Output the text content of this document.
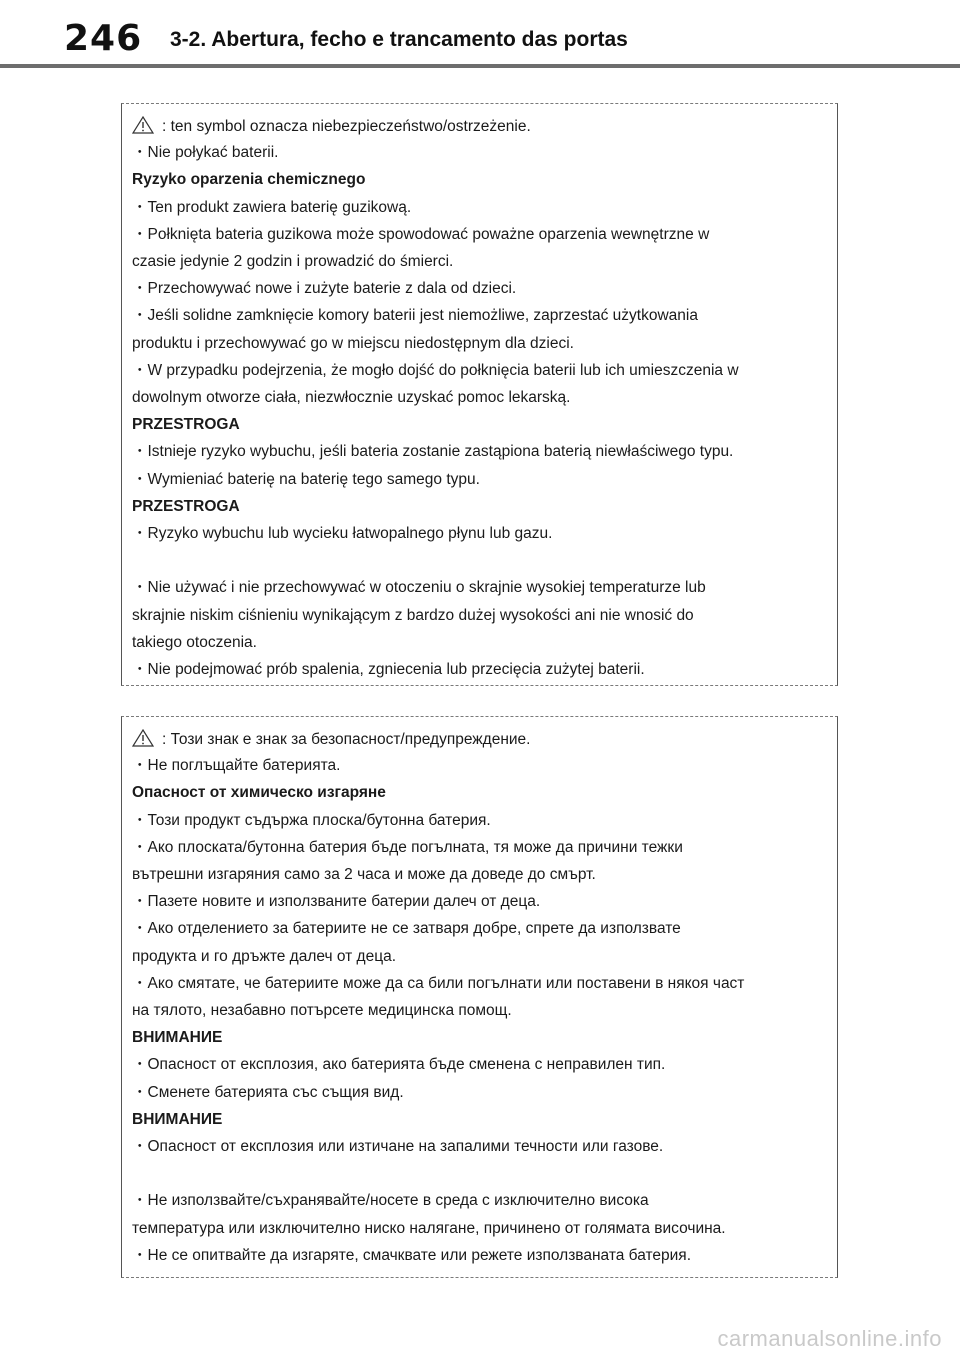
246 3-2. Abertura, fecho e trancamento das portas
: ten symbol oznacza niebezpieczeństwo/ostrzeżenie.
・Nie połykać baterii.
Ryzyko oparzenia chemicznego
・Ten produkt zawiera baterię guzikową.
・Połknięta bateria guzikowa może spowodować poważne oparzenia wewnętrzne w
czasie jedynie 2 godzin i prowadzić do śmierci.
・Przechowywać nowe i zużyte baterie z dala od dzieci.
・Jeśli solidne zamknięcie komory baterii jest niemożliwe, zaprzestać użytkowania
produktu i przechowywać go w miejscu niedostępnym dla dzieci.
・W przypadku podejrzenia, że mogło dojść do połknięcia baterii lub ich umieszczenia w
dowolnym otworze ciała, niezwłocznie uzyskać pomoc lekarską.
PRZESTROGA
・Istnieje ryzyko wybuchu, jeśli bateria zostanie zastąpiona baterią niewłaściwego typu.
・Wymieniać baterię na baterię tego samego typu.
PRZESTROGA
・Ryzyko wybuchu lub wycieku łatwopalnego płynu lub gazu.
・Nie używać i nie przechowywać w otoczeniu o skrajnie wysokiej temperaturze lub
skrajnie niskim ciśnieniu wynikającym z bardzo dużej wysokości ani nie wnosić do
takiego otoczenia.
・Nie podejmować prób spalenia, zgniecenia lub przecięcia zużytej baterii.
: Този знак е знак за безопасност/предупреждение.
・Не поглъщайте батерията.
Опасност от химическо изгаряне
・Този продукт съдържа плоска/бутонна батерия.
・Ако плоската/бутонна батерия бъде погълната, тя може да причини тежки
вътрешни изгаряния само за 2 часа и може да доведе до смърт.
・Пазете новите и използваните батерии далеч от деца.
・Ако отделението за батериите не се затваря добре, спрете да използвате
продукта и го дръжте далеч от деца.
・Ако смятате, че батериите може да са били погълнати или поставени в някоя част
на тялото, незабавно потърсете медицинска помощ.
ВНИМАНИЕ
・Опасност от експлозия, ако батерията бъде сменена с неправилен тип.
・Сменете батерията със същия вид.
ВНИМАНИЕ
・Опасност от експлозия или изтичане на запалими течности или газове.
・Не използвайте/съхранявайте/носете в среда с изключително висока
температура или изключително ниско налягане, причинено от голямата височина.
・Не се опитвайте да изгаряте, смачквате или режете използваната батерия.
carmanualsonline.info
